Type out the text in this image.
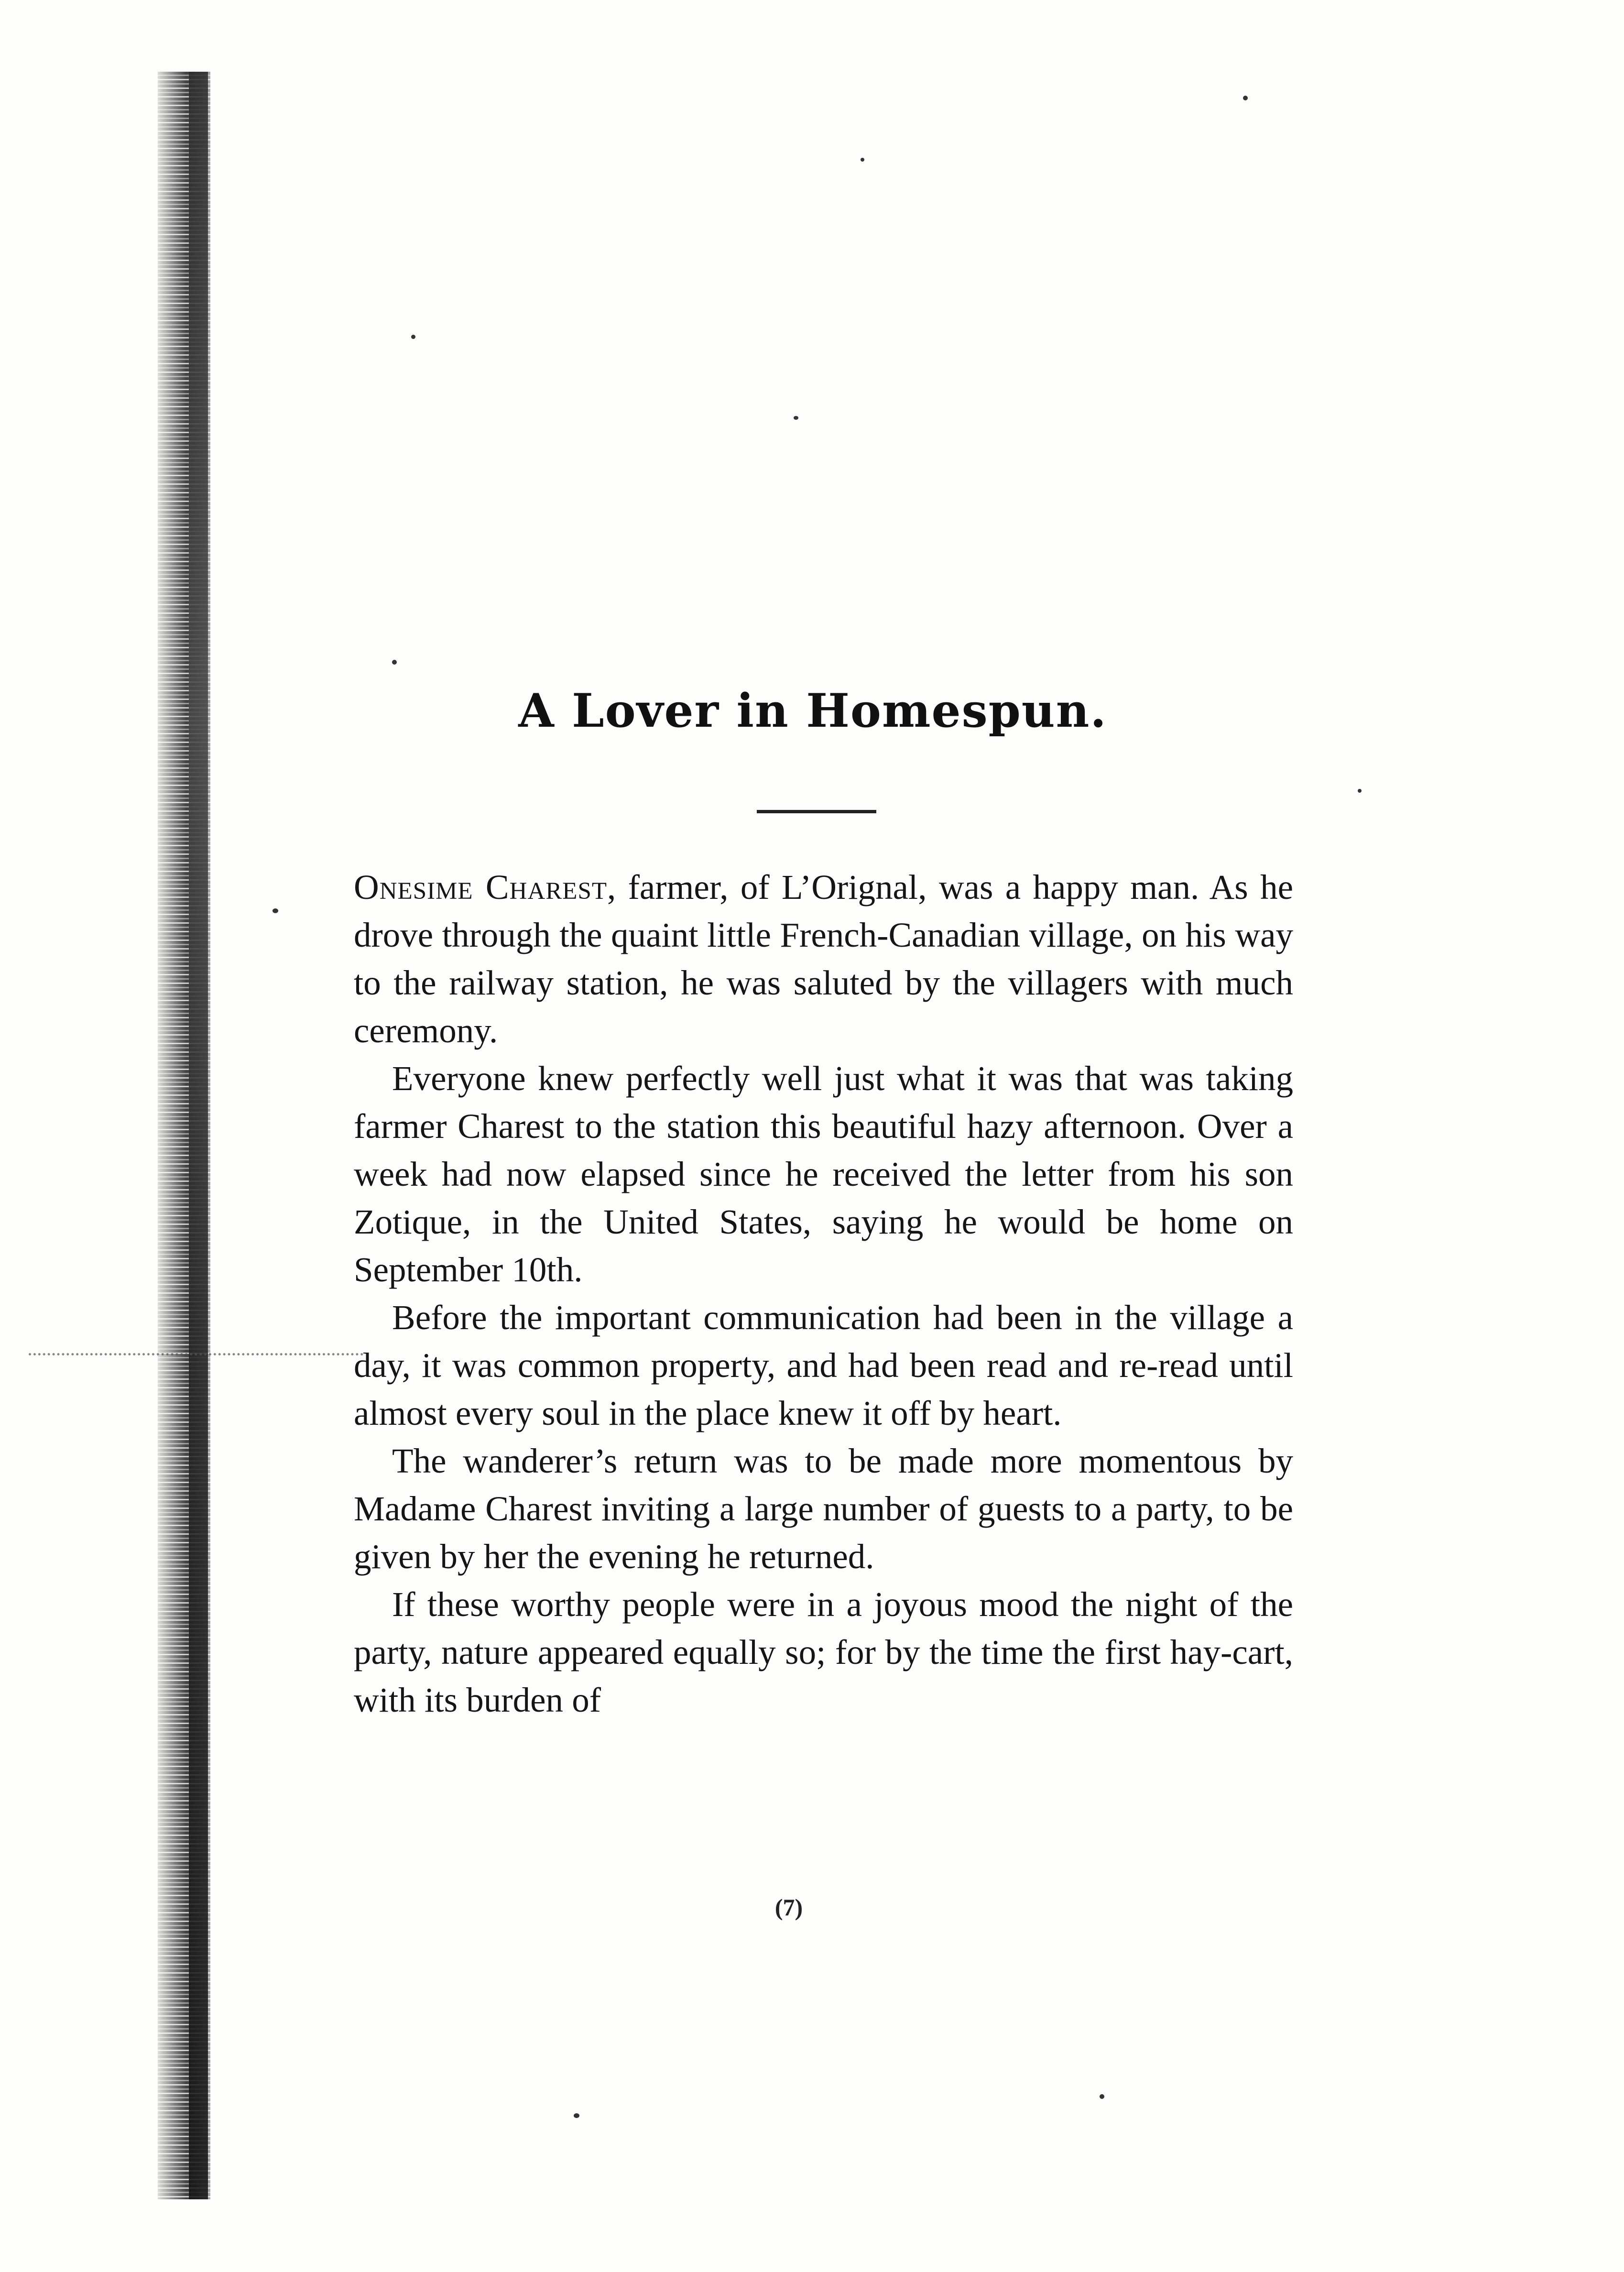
A Lover in Homespun.

Onesime Charest, farmer, of L’Orignal, was a happy man. As he drove through the quaint little French-Canadian village, on his way to the railway station, he was saluted by the villagers with much ceremony.

Everyone knew perfectly well just what it was that was taking farmer Charest to the station this beautiful hazy afternoon. Over a week had now elapsed since he received the letter from his son Zotique, in the United States, saying he would be home on September 10th.

Before the important communication had been in the village a day, it was common property, and had been read and re-read until almost every soul in the place knew it off by heart.

The wanderer’s return was to be made more momentous by Madame Charest inviting a large number of guests to a party, to be given by her the evening he returned.

If these worthy people were in a joyous mood the night of the party, nature appeared equally so; for by the time the first hay-cart, with its burden of

(7)
